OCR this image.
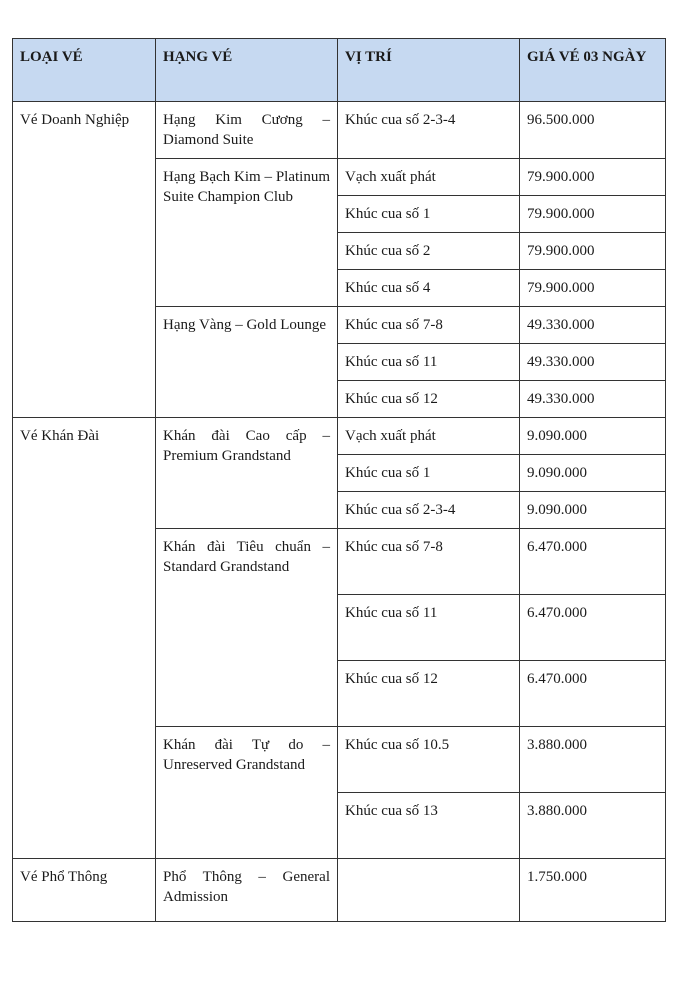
LOẠI VÉ	HẠNG VÉ	VỊ TRÍ	GIÁ VÉ 03 NGÀY
Vé Doanh Nghiệp	Hạng Kim Cương – Diamond Suite	Khúc cua số 2-3-4	96.500.000
	Hạng Bạch Kim – Platinum Suite Champion Club	Vạch xuất phát	79.900.000
		Khúc cua số 1	79.900.000
		Khúc cua số 2	79.900.000
		Khúc cua số 4	79.900.000
	Hạng Vàng – Gold Lounge	Khúc cua số 7-8	49.330.000
		Khúc cua số 11	49.330.000
		Khúc cua số 12	49.330.000
Vé Khán Đài	Khán đài Cao cấp – Premium Grandstand	Vạch xuất phát	9.090.000
		Khúc cua số 1	9.090.000
		Khúc cua số 2-3-4	9.090.000
	Khán đài Tiêu chuẩn – Standard Grandstand	Khúc cua số 7-8	6.470.000
		Khúc cua số 11	6.470.000
		Khúc cua số 12	6.470.000
	Khán đài Tự do – Unreserved Grandstand	Khúc cua số 10.5	3.880.000
		Khúc cua số 13	3.880.000
Vé Phổ Thông	Phổ Thông – General Admission		1.750.000
